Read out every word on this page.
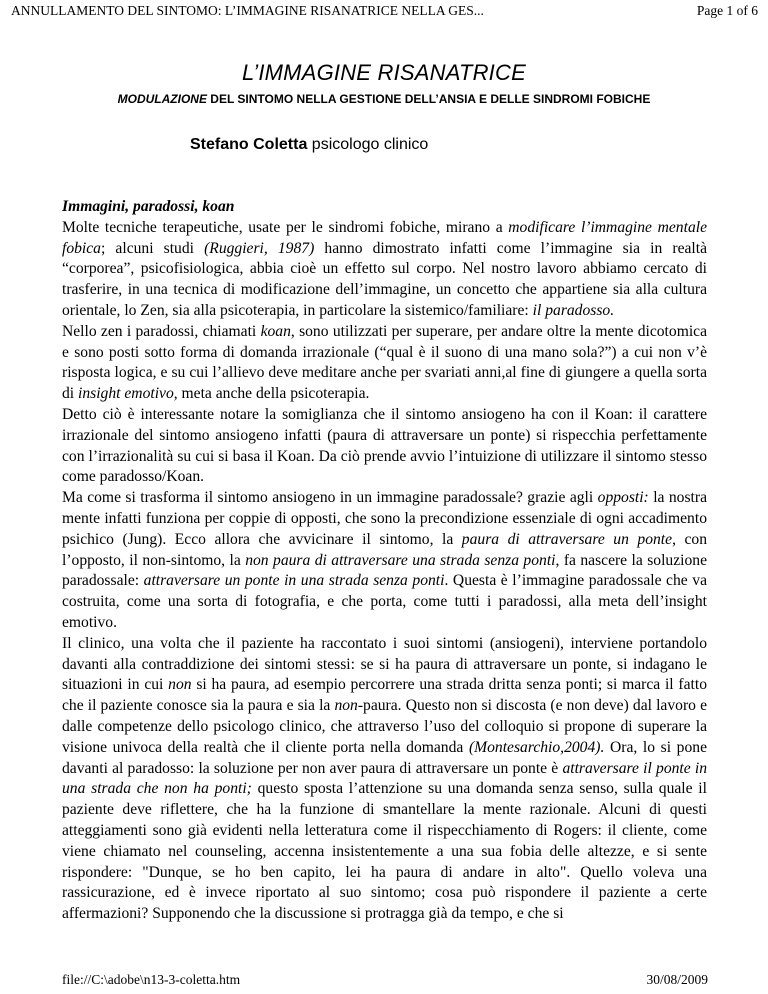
ANNULLAMENTO DEL SINTOMO: L’IMMAGINE RISANATRICE NELLA GES...	Page 1 of 6
L’IMMAGINE RISANATRICE
MODULAZIONE DEL SINTOMO NELLA GESTIONE DELL’ANSIA E DELLE SINDROMI FOBICHE
Stefano Coletta psicologo clinico

Immagini, paradossi, koan

Molte tecniche terapeutiche, usate per le sindromi fobiche, mirano a modificare l’immagine mentale fobica; alcuni studi (Ruggieri, 1987) hanno dimostrato infatti come l’immagine sia in realtà “corporea”, psicofisiologica, abbia cioè un effetto sul corpo. Nel nostro lavoro abbiamo cercato di trasferire, in una tecnica di modificazione dell’immagine, un concetto che appartiene sia alla cultura orientale, lo Zen, sia alla psicoterapia, in particolare la sistemico/familiare: il paradosso.

Nello zen i paradossi, chiamati koan, sono utilizzati per superare, per andare oltre la mente dicotomica e sono posti sotto forma di domanda irrazionale (“qual è il suono di una mano sola?”) a cui non v’è risposta logica, e su cui l’allievo deve meditare anche per svariati anni,al fine di giungere a quella sorta di insight emotivo, meta anche della psicoterapia.

Detto ciò è interessante notare la somiglianza che il sintomo ansiogeno ha con il Koan: il carattere irrazionale del sintomo ansiogeno infatti (paura di attraversare un ponte) si rispecchia perfettamente con l’irrazionalità su cui si basa il Koan. Da ciò prende avvio l’intuizione di utilizzare il sintomo stesso come paradosso/Koan.

Ma come si trasforma il sintomo ansiogeno in un immagine paradossale? grazie agli opposti: la nostra mente infatti funziona per coppie di opposti, che sono la precondizione essenziale di ogni accadimento psichico (Jung). Ecco allora che avvicinare il sintomo, la paura di attraversare un ponte, con l’opposto, il non-sintomo, la non paura di attraversare una strada senza ponti, fa nascere la soluzione paradossale: attraversare un ponte in una strada senza ponti. Questa è l’immagine paradossale che va costruita, come una sorta di fotografia, e che porta, come tutti i paradossi, alla meta dell’insight emotivo.

Il clinico, una volta che il paziente ha raccontato i suoi sintomi (ansiogeni), interviene portandolo davanti alla contraddizione dei sintomi stessi: se si ha paura di attraversare un ponte, si indagano le situazioni in cui non si ha paura, ad esempio percorrere una strada dritta senza ponti; si marca il fatto che il paziente conosce sia la paura e sia la non-paura. Questo non si discosta (e non deve) dal lavoro e dalle competenze dello psicologo clinico, che attraverso l’uso del colloquio si propone di superare la visione univoca della realtà che il cliente porta nella domanda (Montesarchio,2004). Ora, lo si pone davanti al paradosso: la soluzione per non aver paura di attraversare un ponte è attraversare il ponte in una strada che non ha ponti; questo sposta l’attenzione su una domanda senza senso, sulla quale il paziente deve riflettere, che ha la funzione di smantellare la mente razionale. Alcuni di questi atteggiamenti sono già evidenti nella letteratura come il rispecchiamento di Rogers: il cliente, come viene chiamato nel counseling, accenna insistentemente a una sua fobia delle altezze, e si sente rispondere: "Dunque, se ho ben capito, lei ha paura di andare in alto". Quello voleva una rassicurazione, ed è invece riportato al suo sintomo; cosa può rispondere il paziente a certe affermazioni? Supponendo che la discussione si protragga già da tempo, e che si

file://C:\adobe\n13-3-coletta.htm	30/08/2009
